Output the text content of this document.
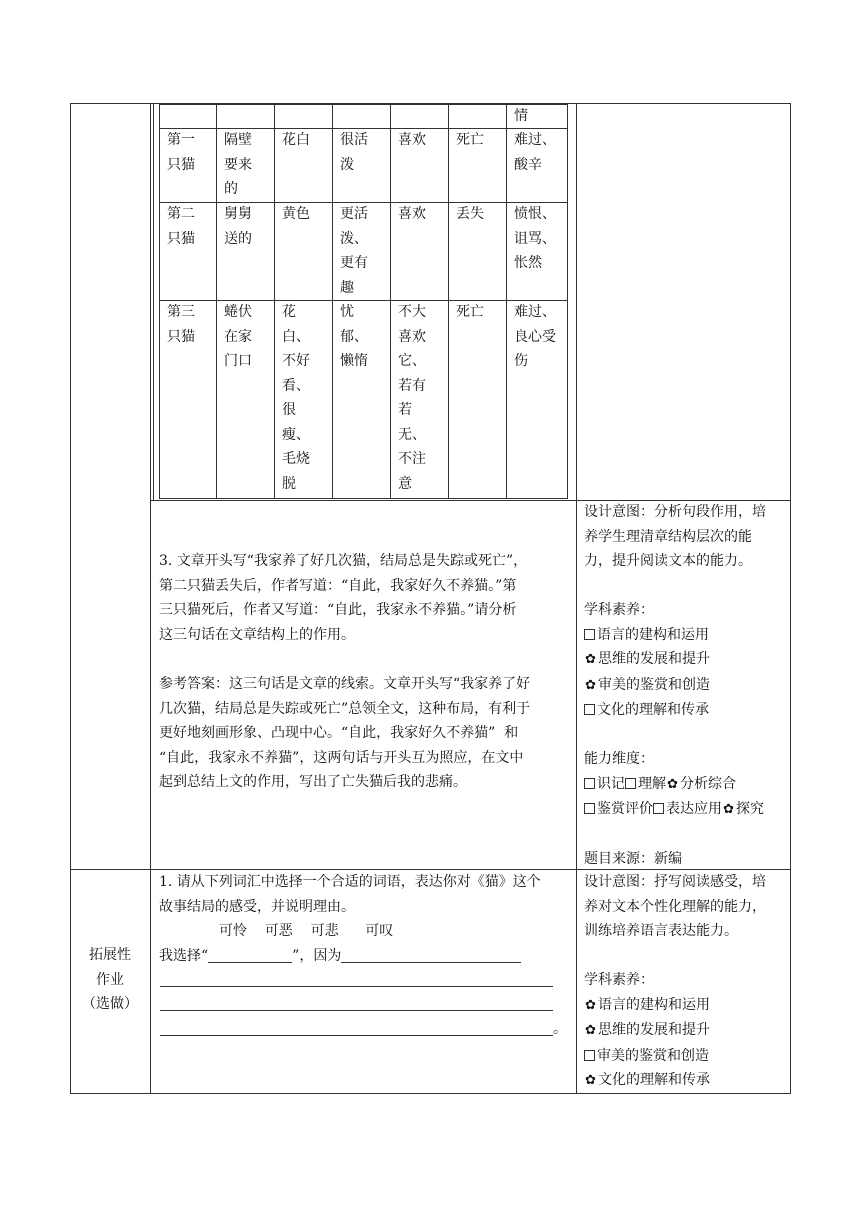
情
第一
只猫
隔壁
要来
的
花白 很活
泼
喜欢 死亡 难过、
酸辛
第二
只猫
舅舅
送的
黄色 更活
泼、
更有
趣
喜欢 丢失 愤恨、
诅骂、
怅然
第三
只猫
蜷伏
在家
门口
花
白、
不好
看、
很
瘦、
毛烧
脱
忧
郁、
懒惰
不大
喜欢
它、
若有
若
无、
不注
意
死亡 难过、
良心受
伤
3. 文章开头写“我家养了好几次猫，结局总是失踪或死亡”，
第二只猫丢失后，作者写道：“自此，我家好久不养猫。”第
三只猫死后，作者又写道：“自此，我家永不养猫。”请分析
这三句话在文章结构上的作用。
参考答案：这三句话是文章的线索。文章开头写“我家养了好
几次猫，结局总是失踪或死亡”总领全文，这种布局，有利于
更好地刻画形象、凸现中心。“自此，我家好久不养猫”  和
“自此，我家永不养猫”，这两句话与开头互为照应，在文中
起到总结上文的作用，写出了亡失猫后我的悲痛。
设计意图：分析句段作用，培
养学生理清章结构层次的能
力，提升阅读文本的能力。
学科素养：
语言的建构和运用
✿ 思维的发展和提升
✿ 审美的鉴赏和创造
文化的理解和传承
能力维度：
识记 理解✿ 分析综合
鉴赏评价 表达应用✿ 探究
题目来源：新编
拓展性
作业
（选做）
1. 请从下列词汇中选择一个合适的词语，表达你对《猫》这个
故事结局的感受，并说明理由。
可怜    可恶    可悲      可叹
我选择“	”，因为
。
设计意图：抒写阅读感受，培
养对文本个性化理解的能力，
训练培养语言表达能力。
学科素养：
✿ 语言的建构和运用
✿ 思维的发展和提升
审美的鉴赏和创造
✿ 文化的理解和传承
